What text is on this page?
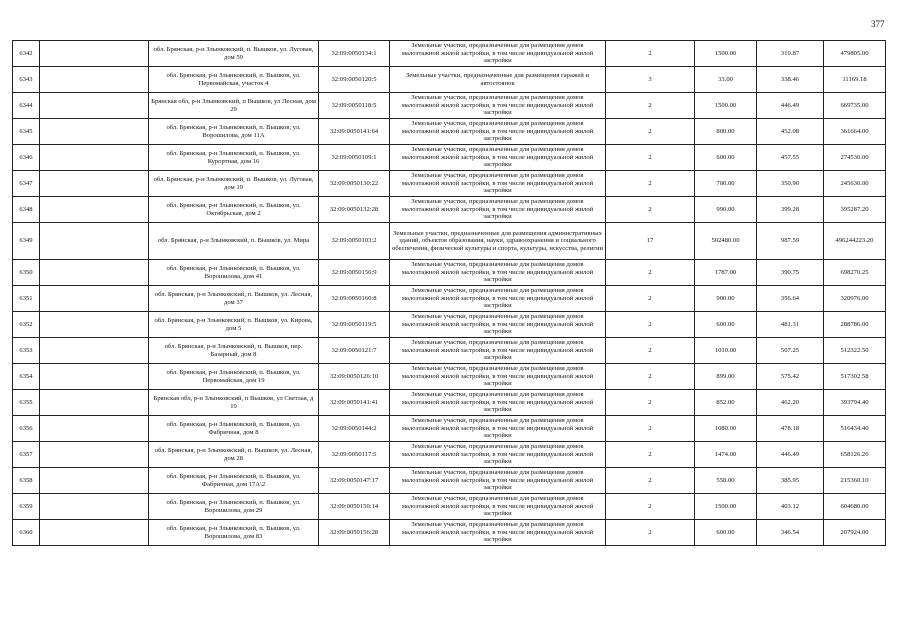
377
6342		обл. Брянская, р-н Злынковский, п. Вышков, ул. Луговая, дом 59	32:09:0050134:1	Земельные участки, предназначенные для размещения домов малоэтажной жилой застройки, в том числе индивидуальной жилой застройки	2	1500.00	319.87	479805.00
6343		обл. Брянская, р-н Злынковский, п. Вышков, ул. Первомайская, участок 4	32:09:0050120:5	Земельные участки, предназначенные для размещения гаражей и автостоянок	3	33.00	338.46	11169.18
6344		Брянская обл, р-н Злынковский, п Вышков, ул Лесная, дом 29	32:09:0050118:5	Земельные участки, предназначенные для размещения домов малоэтажной жилой застройки, в том числе индивидуальной жилой застройки	2	1500.00	446.49	669735.00
6345		обл. Брянская, р-н Злынковский, п. Вышков, ул. Ворошилова, дом 11А	32:09:0050141:64	Земельные участки, предназначенные для размещения домов малоэтажной жилой застройки, в том числе индивидуальной жилой застройки	2	800.00	452.08	361664.00
6346		обл. Брянская, р-н Злынковский, п. Вышков, ул. Курортная, дом 16	32:09:0050109:1	Земельные участки, предназначенные для размещения домов малоэтажной жилой застройки, в том числе индивидуальной жилой застройки	2	600.00	457.55	274530.00
6347		обл. Брянская, р-н Злынковский, п. Вышков, ул. Луговая, дом 19	32:09:0050130:22	Земельные участки, предназначенные для размещения домов малоэтажной жилой застройки, в том числе индивидуальной жилой застройки	2	700.00	350.90	245630.00
6348		обл. Брянская, р-н Злынковский, п. Вышков, ул. Октябрьская, дом 2	32:09:0050132:28	Земельные участки, предназначенные для размещения домов малоэтажной жилой застройки, в том числе индивидуальной жилой застройки	2	990.00	399.28	395287.20
6349		обл. Брянская, р-н Злынковский, п. Вышков, ул. Мира	32:09:0050103:2	Земельные участки, предназначенные для размещения административных зданий, объектов образования, науки, здравоохранения и социального обеспечения, физической культуры и спорта, культуры, искусства, религии	17	502480.00	987.59	496244223.20
6350		обл. Брянская, р-н Злынковский, п. Вышков, ул. Ворошилова, дом 41	32:09:0050156:9	Земельные участки, предназначенные для размещения домов малоэтажной жилой застройки, в том числе индивидуальной жилой застройки	2	1787.00	390.75	698270.25
6351		обл. Брянская, р-н Злынковский, п. Вышков, ул. Лесная, дом 37	32:09:0050160:8	Земельные участки, предназначенные для размещения домов малоэтажной жилой застройки, в том числе индивидуальной жилой застройки	2	900.00	356.64	320976.00
6352		обл. Брянская, р-н Злынковский, п. Вышков, ул. Кирова, дом 5	32:09:0050119:5	Земельные участки, предназначенные для размещения домов малоэтажной жилой застройки, в том числе индивидуальной жилой застройки	2	600.00	481.31	288786.00
6353		обл. Брянская, р-н Злынковский, п. Вышков, пер. Базарный, дом 8	32:09:0050121:7	Земельные участки, предназначенные для размещения домов малоэтажной жилой застройки, в том числе индивидуальной жилой застройки	2	1010.00	507.25	512322.50
6354		обл. Брянская, р-н Злынковский, п. Вышков, ул. Первомайская, дом 19	32:09:0050126:10	Земельные участки, предназначенные для размещения домов малоэтажной жилой застройки, в том числе индивидуальной жилой застройки	2	899.00	575.42	517302.58
6355		Брянская обл, р-н Злынковский, п Вышков, ул Светлая, д 19	32:09:0050141:41	Земельные участки, предназначенные для размещения домов малоэтажной жилой застройки, в том числе индивидуальной жилой застройки	2	852.00	462.20	393794.40
6356		обл. Брянская, р-н Злынковский, п. Вышков, ул. Фабричная, дом 8	32:09:0050144:2	Земельные участки, предназначенные для размещения домов малоэтажной жилой застройки, в том числе индивидуальной жилой застройки	2	1080.00	478.18	516434.40
6357		обл. Брянская, р-н Злынковский, п. Вышков, ул. Лесная, дом 28	32:09:0050117:5	Земельные участки, предназначенные для размещения домов малоэтажной жилой застройки, в том числе индивидуальной жилой застройки	2	1474.00	446.49	658126.26
6358		обл. Брянская, р-н Злынковский, п. Вышков, ул. Фабричная, дом 17А\2	32:09:0050147:17	Земельные участки, предназначенные для размещения домов малоэтажной жилой застройки, в том числе индивидуальной жилой застройки	2	558.00	385.95	215360.10
6359		обл. Брянская, р-н Злынковский, п. Вышков, ул. Ворошилова, дом 29	32:09:0050150:14	Земельные участки, предназначенные для размещения домов малоэтажной жилой застройки, в том числе индивидуальной жилой застройки	2	1500.00	403.12	604680.00
6360		обл. Брянская, р-н Злынковский, п. Вышков, ул. Ворошилова, дом 83	32:09:0050156:28	Земельные участки, предназначенные для размещения домов малоэтажной жилой застройки, в том числе индивидуальной жилой застройки	2	600.00	346.54	207924.00
